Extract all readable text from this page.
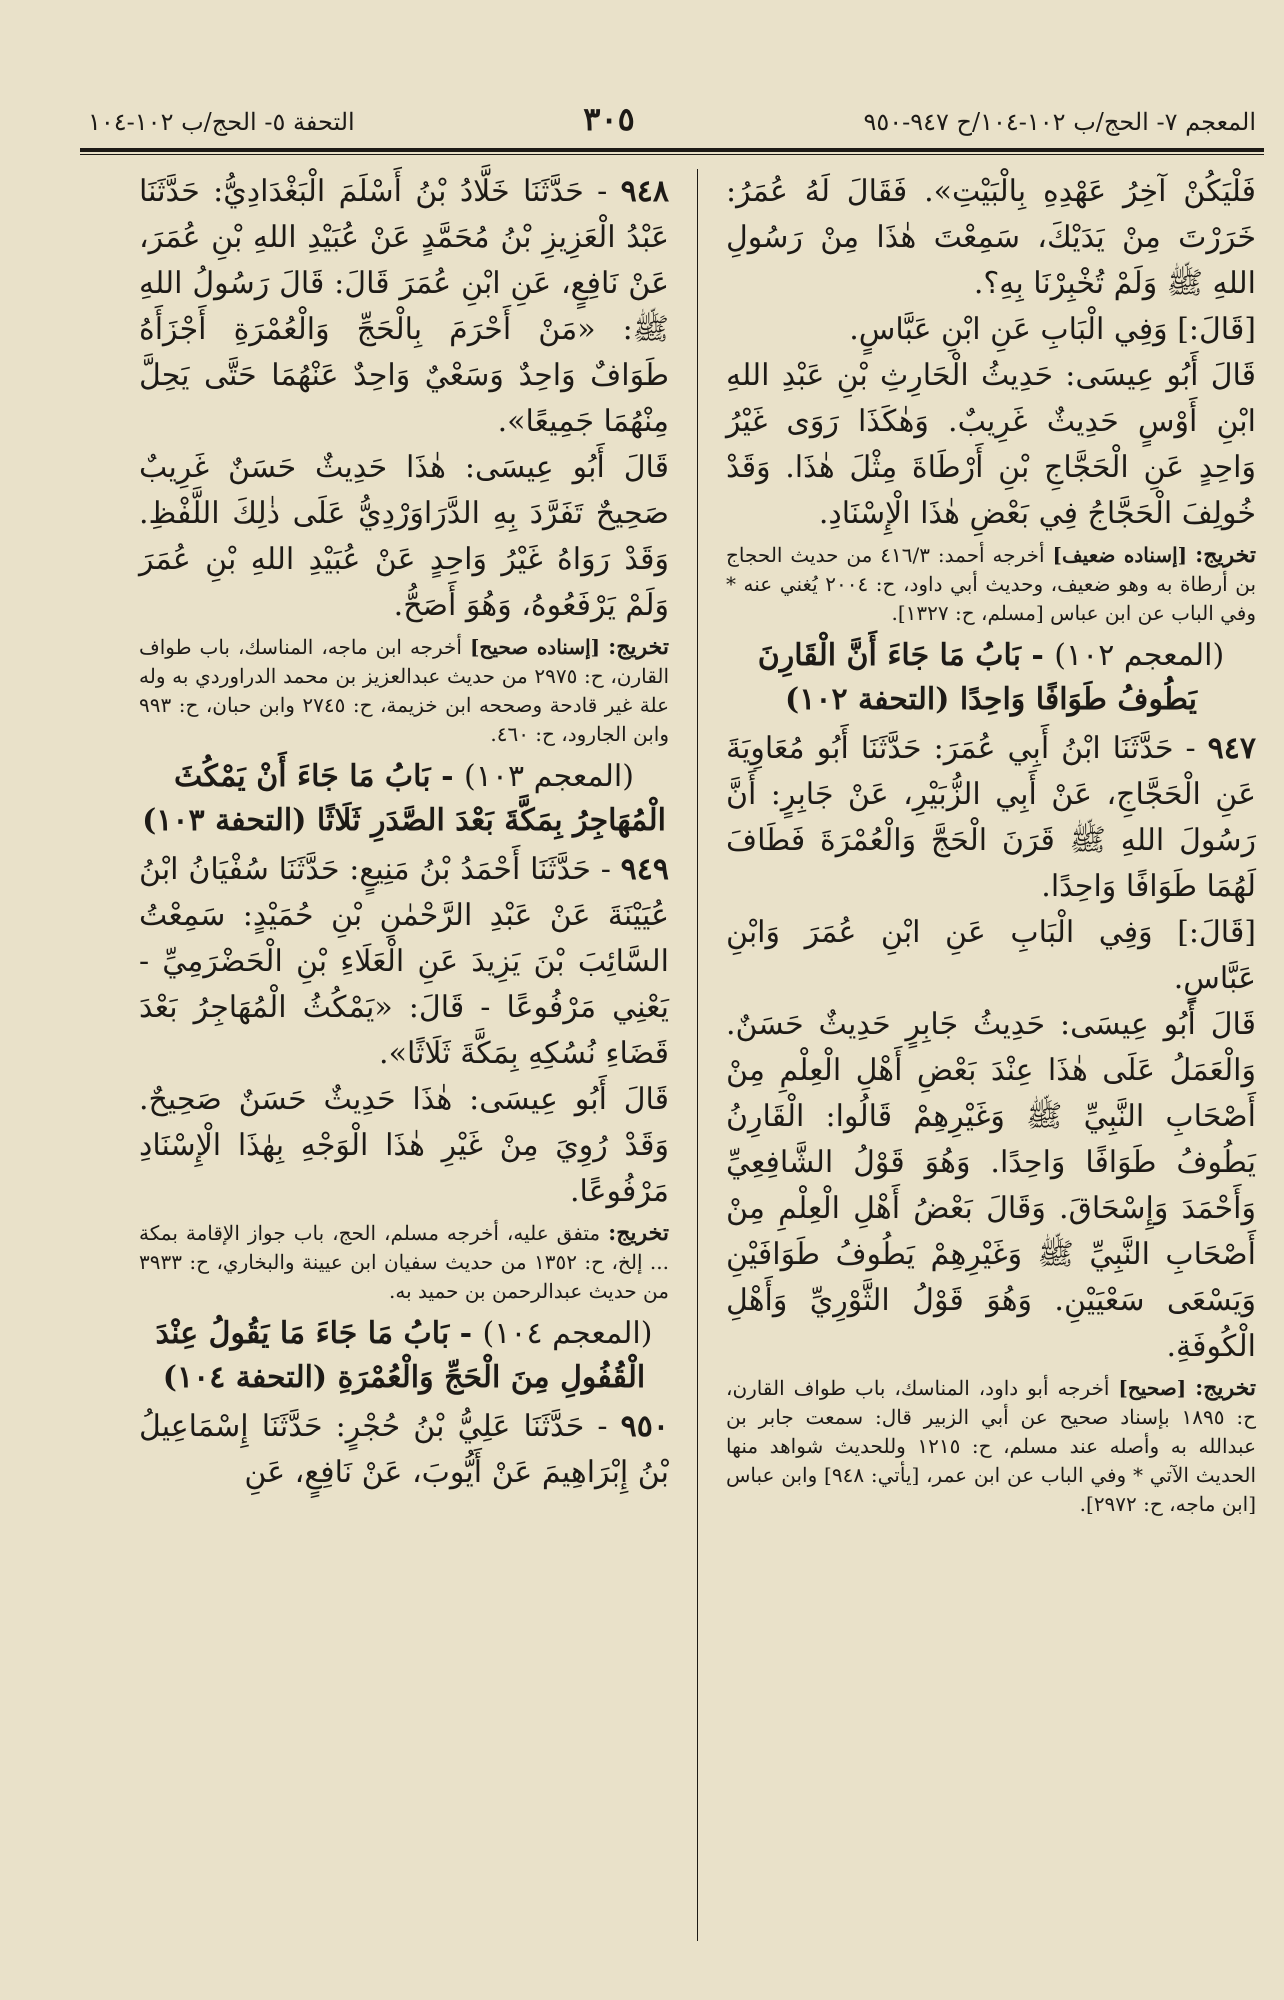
المعجم ٧- الحج/ب ١٠٢-١٠٤/ح ٩٤٧-٩٥٠
٣٠٥
التحفة ٥- الحج/ب ١٠٢-١٠٤

فَلْيَكُنْ آخِرُ عَهْدِهِ بِالْبَيْتِ». فَقَالَ لَهُ عُمَرُ: خَرَرْتَ مِنْ يَدَيْكَ، سَمِعْتَ هٰذَا مِنْ رَسُولِ اللهِ ﷺ وَلَمْ تُخْبِرْنَا بِهِ؟.

[قَالَ:] وَفِي الْبَابِ عَنِ ابْنِ عَبَّاسٍ.

قَالَ أَبُو عِيسَى: حَدِيثُ الْحَارِثِ بْنِ عَبْدِ اللهِ ابْنِ أَوْسٍ حَدِيثٌ غَرِيبٌ. وَهٰكَذَا رَوَى غَيْرُ وَاحِدٍ عَنِ الْحَجَّاجِ بْنِ أَرْطَاةَ مِثْلَ هٰذَا. وَقَدْ خُولِفَ الْحَجَّاجُ فِي بَعْضِ هٰذَا الْإِسْنَادِ.

تخريج: [إسناده ضعيف] أخرجه أحمد: ٤١٦/٣ من حديث الحجاج بن أرطاة به وهو ضعيف، وحديث أبي داود، ح: ٢٠٠٤ يُغني عنه * وفي الباب عن ابن عباس [مسلم، ح: ١٣٢٧].

(المعجم ١٠٢) - بَابُ مَا جَاءَ أَنَّ الْقَارِنَ يَطُوفُ طَوَافًا وَاحِدًا (التحفة ١٠٢)

٩٤٧ - حَدَّثَنَا ابْنُ أَبِي عُمَرَ: حَدَّثَنَا أَبُو مُعَاوِيَةَ عَنِ الْحَجَّاجِ، عَنْ أَبِي الزُّبَيْرِ، عَنْ جَابِرٍ: أَنَّ رَسُولَ اللهِ ﷺ قَرَنَ الْحَجَّ وَالْعُمْرَةَ فَطَافَ لَهُمَا طَوَافًا وَاحِدًا.

[قَالَ:] وَفِي الْبَابِ عَنِ ابْنِ عُمَرَ وَابْنِ عَبَّاسٍ.

قَالَ أَبُو عِيسَى: حَدِيثُ جَابِرٍ حَدِيثٌ حَسَنٌ. وَالْعَمَلُ عَلَى هٰذَا عِنْدَ بَعْضِ أَهْلِ الْعِلْمِ مِنْ أَصْحَابِ النَّبِيِّ ﷺ وَغَيْرِهِمْ قَالُوا: الْقَارِنُ يَطُوفُ طَوَافًا وَاحِدًا. وَهُوَ قَوْلُ الشَّافِعِيِّ وَأَحْمَدَ وَإِسْحَاقَ. وَقَالَ بَعْضُ أَهْلِ الْعِلْمِ مِنْ أَصْحَابِ النَّبِيِّ ﷺ وَغَيْرِهِمْ يَطُوفُ طَوَافَيْنِ وَيَسْعَى سَعْيَيْنِ. وَهُوَ قَوْلُ الثَّوْرِيِّ وَأَهْلِ الْكُوفَةِ.

تخريج: [صحيح] أخرجه أبو داود، المناسك، باب طواف القارن، ح: ١٨٩٥ بإسناد صحيح عن أبي الزبير قال: سمعت جابر بن عبدالله به وأصله عند مسلم، ح: ١٢١٥ وللحديث شواهد منها الحديث الآتي * وفي الباب عن ابن عمر، [يأتي: ٩٤٨] وابن عباس [ابن ماجه، ح: ٢٩٧٢].

٩٤٨ - حَدَّثَنَا خَلَّادُ بْنُ أَسْلَمَ الْبَغْدَادِيُّ: حَدَّثَنَا عَبْدُ الْعَزِيزِ بْنُ مُحَمَّدٍ عَنْ عُبَيْدِ اللهِ بْنِ عُمَرَ، عَنْ نَافِعٍ، عَنِ ابْنِ عُمَرَ قَالَ: قَالَ رَسُولُ اللهِ ﷺ: «مَنْ أَحْرَمَ بِالْحَجِّ وَالْعُمْرَةِ أَجْزَأَهُ طَوَافٌ وَاحِدٌ وَسَعْيٌ وَاحِدٌ عَنْهُمَا حَتَّى يَحِلَّ مِنْهُمَا جَمِيعًا».

قَالَ أَبُو عِيسَى: هٰذَا حَدِيثٌ حَسَنٌ غَرِيبٌ صَحِيحٌ تَفَرَّدَ بِهِ الدَّرَاوَرْدِيُّ عَلَى ذٰلِكَ اللَّفْظِ. وَقَدْ رَوَاهُ غَيْرُ وَاحِدٍ عَنْ عُبَيْدِ اللهِ بْنِ عُمَرَ وَلَمْ يَرْفَعُوهُ، وَهُوَ أَصَحُّ.

تخريج: [إسناده صحيح] أخرجه ابن ماجه، المناسك، باب طواف القارن، ح: ٢٩٧٥ من حديث عبدالعزيز بن محمد الدراوردي به وله علة غير قادحة وصححه ابن خزيمة، ح: ٢٧٤٥ وابن حبان، ح: ٩٩٣ وابن الجارود، ح: ٤٦٠.

(المعجم ١٠٣) - بَابُ مَا جَاءَ أَنْ يَمْكُثَ الْمُهَاجِرُ بِمَكَّةَ بَعْدَ الصَّدَرِ ثَلَاثًا (التحفة ١٠٣)

٩٤٩ - حَدَّثَنَا أَحْمَدُ بْنُ مَنِيعٍ: حَدَّثَنَا سُفْيَانُ ابْنُ عُيَيْنَةَ عَنْ عَبْدِ الرَّحْمٰنِ بْنِ حُمَيْدٍ: سَمِعْتُ السَّائِبَ بْنَ يَزِيدَ عَنِ الْعَلَاءِ بْنِ الْحَضْرَمِيِّ - يَعْنِي مَرْفُوعًا - قَالَ: «يَمْكُثُ الْمُهَاجِرُ بَعْدَ قَضَاءِ نُسُكِهِ بِمَكَّةَ ثَلَاثًا».

قَالَ أَبُو عِيسَى: هٰذَا حَدِيثٌ حَسَنٌ صَحِيحٌ. وَقَدْ رُوِيَ مِنْ غَيْرِ هٰذَا الْوَجْهِ بِهٰذَا الْإِسْنَادِ مَرْفُوعًا.

تخريج: متفق عليه، أخرجه مسلم، الحج، باب جواز الإقامة بمكة ... إلخ، ح: ١٣٥٢ من حديث سفيان ابن عيينة والبخاري، ح: ٣٩٣٣ من حديث عبدالرحمن بن حميد به.

(المعجم ١٠٤) - بَابُ مَا جَاءَ مَا يَقُولُ عِنْدَ الْقُفُولِ مِنَ الْحَجِّ وَالْعُمْرَةِ (التحفة ١٠٤)

٩٥٠ - حَدَّثَنَا عَلِيُّ بْنُ حُجْرٍ: حَدَّثَنَا إِسْمَاعِيلُ بْنُ إِبْرَاهِيمَ عَنْ أَيُّوبَ، عَنْ نَافِعٍ، عَنِ
